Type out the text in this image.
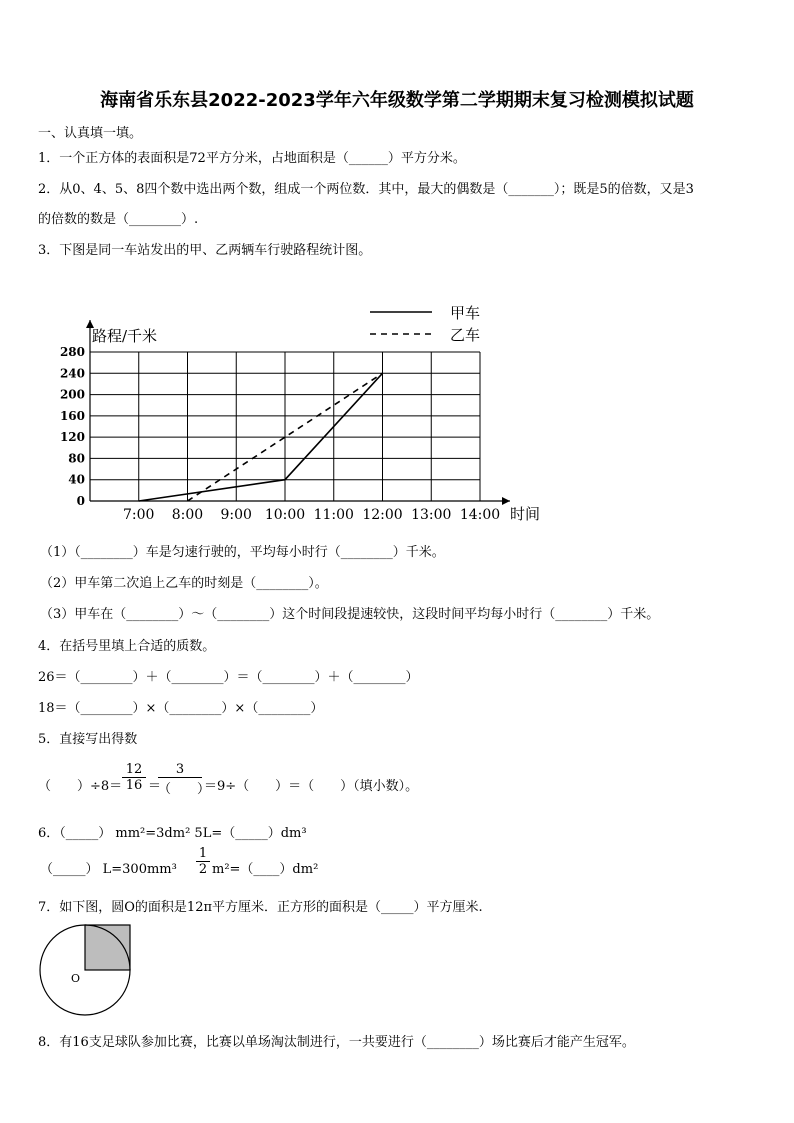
海南省乐东县2022-2023学年六年级数学第二学期期末复习检测模拟试题
一、认真填一填。
1．一个正方体的表面积是72平方分米，占地面积是（______）平方分米。
2．从0、4、5、8四个数中选出两个数，组成一个两位数．其中，最大的偶数是（_______）；既是5的倍数，又是3
的倍数的数是（________）.
3．下图是同一车站发出的甲、乙两辆车行驶路程统计图。
280
240
200
160
120
80
40
0
7:00 8:00 9:00 10:00 11:00 12:00 13:00 14:00
甲车
乙车
路程/千米
时间
（1）（________）车是匀速行驶的，平均每小时行（________）千米。
（2）甲车第二次追上乙车的时刻是（________）。
（3）甲车在（________）～（________）这个时间段提速较快，这段时间平均每小时行（________）千米。
4．在括号里填上合适的质数。
26＝（________）＋（________）＝（________）＋（________）
18＝（________）×（________）×（________）
5．直接写出得数
（　　）$\div 8= \frac{12}{16}$ ＝
3
（　　）
＝9÷（　　）＝（　　）（填小数）。
6．（_____） mm²=3dm² 5L=（_____）dm³
（_____） $L=300mm^3 \frac{1}{2}$ m²=（____）dm²
7．如下图，圆O的面积是12π平方厘米．正方形的面积是（_____）平方厘米.
O
8．有16支足球队参加比赛，比赛以单场淘汰制进行，一共要进行（________）场比赛后才能产生冠军。
